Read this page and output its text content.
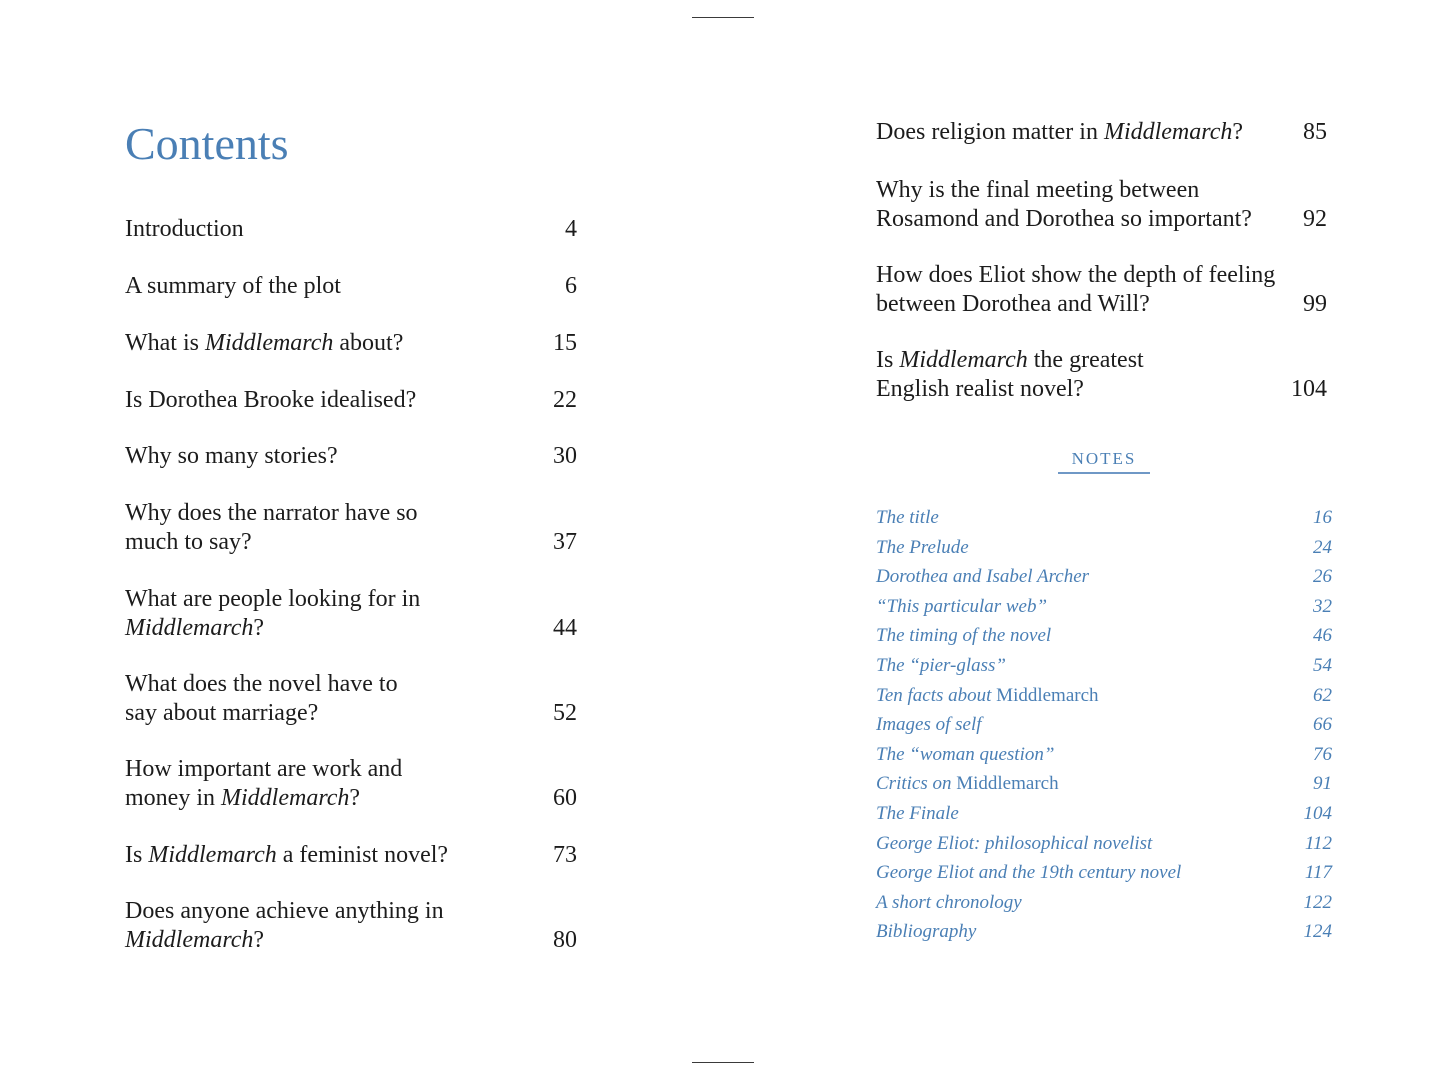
Contents
Introduction	4
A summary of the plot	6
What is Middlemarch about?	15
Is Dorothea Brooke idealised?	22
Why so many stories?	30
Why does the narrator have so much to say?	37
What are people looking for in Middlemarch?	44
What does the novel have to say about marriage?	52
How important are work and money in Middlemarch?	60
Is Middlemarch a feminist novel?	73
Does anyone achieve anything in Middlemarch?	80
Does religion matter in Middlemarch?	85
Why is the final meeting between Rosamond and Dorothea so important?	92
How does Eliot show the depth of feeling between Dorothea and Will?	99
Is Middlemarch the greatest English realist novel?	104
NOTES
The title	16
The Prelude	24
Dorothea and Isabel Archer	26
“This particular web”	32
The timing of the novel	46
The “pier-glass”	54
Ten facts about Middlemarch	62
Images of self	66
The “woman question”	76
Critics on Middlemarch	91
The Finale	104
George Eliot: philosophical novelist	112
George Eliot and the 19th century novel	117
A short chronology	122
Bibliography	124
